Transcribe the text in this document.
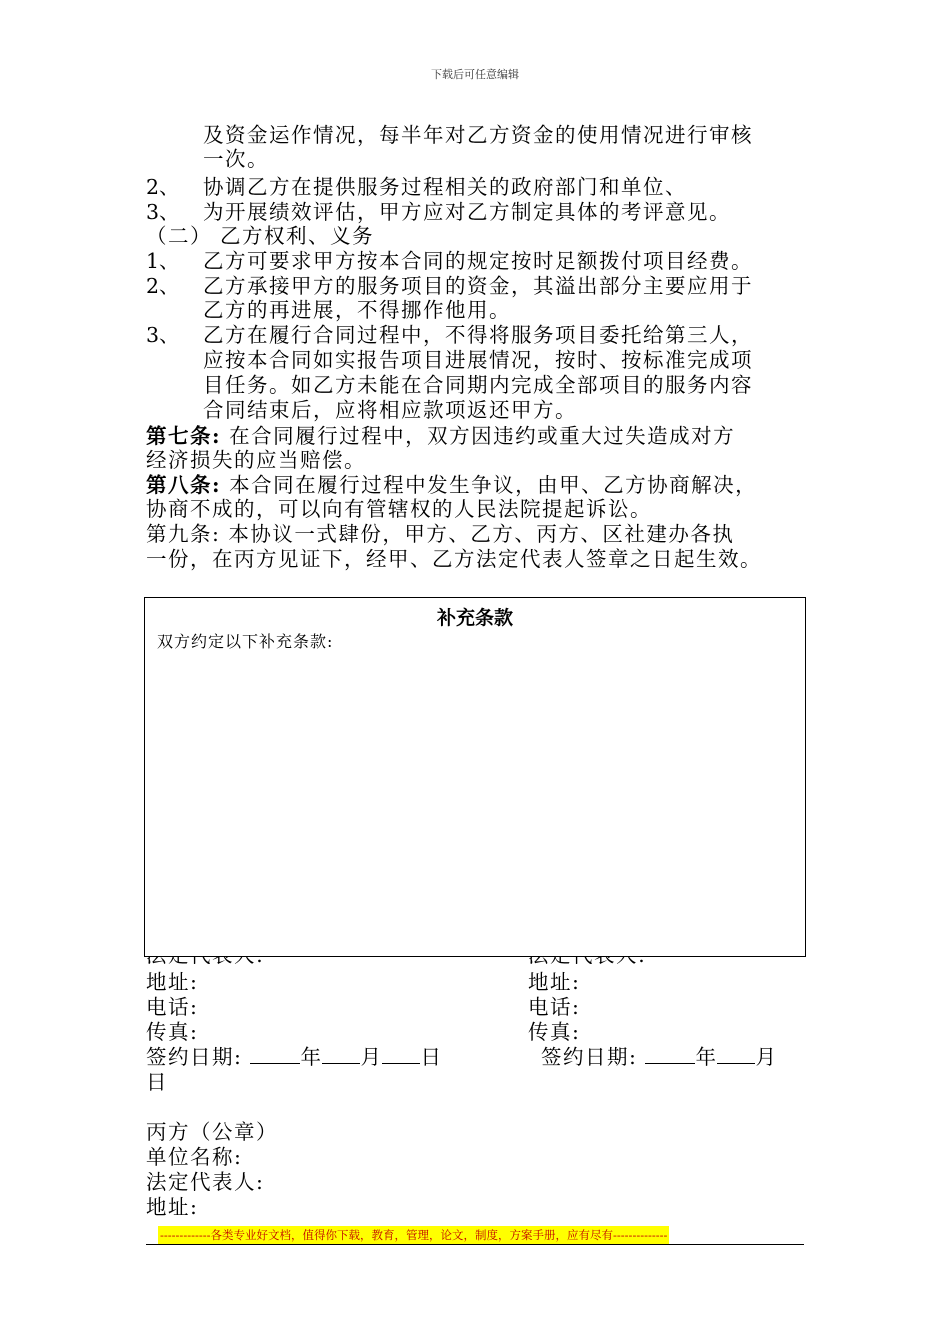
下载后可任意编辑
及资金运作情况，每半年对乙方资金的使用情况进行审核
一次。
2、 协调乙方在提供服务过程相关的政府部门和单位、
3、 为开展绩效评估，甲方应对乙方制定具体的考评意见。
（二） 乙方权利、义务
1、 乙方可要求甲方按本合同的规定按时足额拨付项目经费。
2、 乙方承接甲方的服务项目的资金，其溢出部分主要应用于
乙方的再进展，不得挪作他用。
3、 乙方在履行合同过程中，不得将服务项目委托给第三人，
应按本合同如实报告项目进展情况，按时、按标准完成项
目任务。如乙方未能在合同期内完成全部项目的服务内容
合同结束后，应将相应款项返还甲方。
第七条: 在合同履行过程中，双方因违约或重大过失造成对方
经济损失的应当赔偿。
第八条: 本合同在履行过程中发生争议，由甲、乙方协商解决，
协商不成的，可以向有管辖权的人民法院提起诉讼。
第九条: 本协议一式肆份，甲方、乙方、丙方、区社建办各执
一份，在丙方见证下，经甲、乙方法定代表人签章之日起生效。
补充条款
双方约定以下补充条款:
地址:	地址:
电话:	电话:
传真:	传真:
签约日期:	年 月 日	签约日期:	年 月
日
丙方（公章）
单位名称:
法定代表人:
地址:
-------------各类专业好文档，值得你下载，教育，管理，论文，制度，方案手册，应有尽有--------------
